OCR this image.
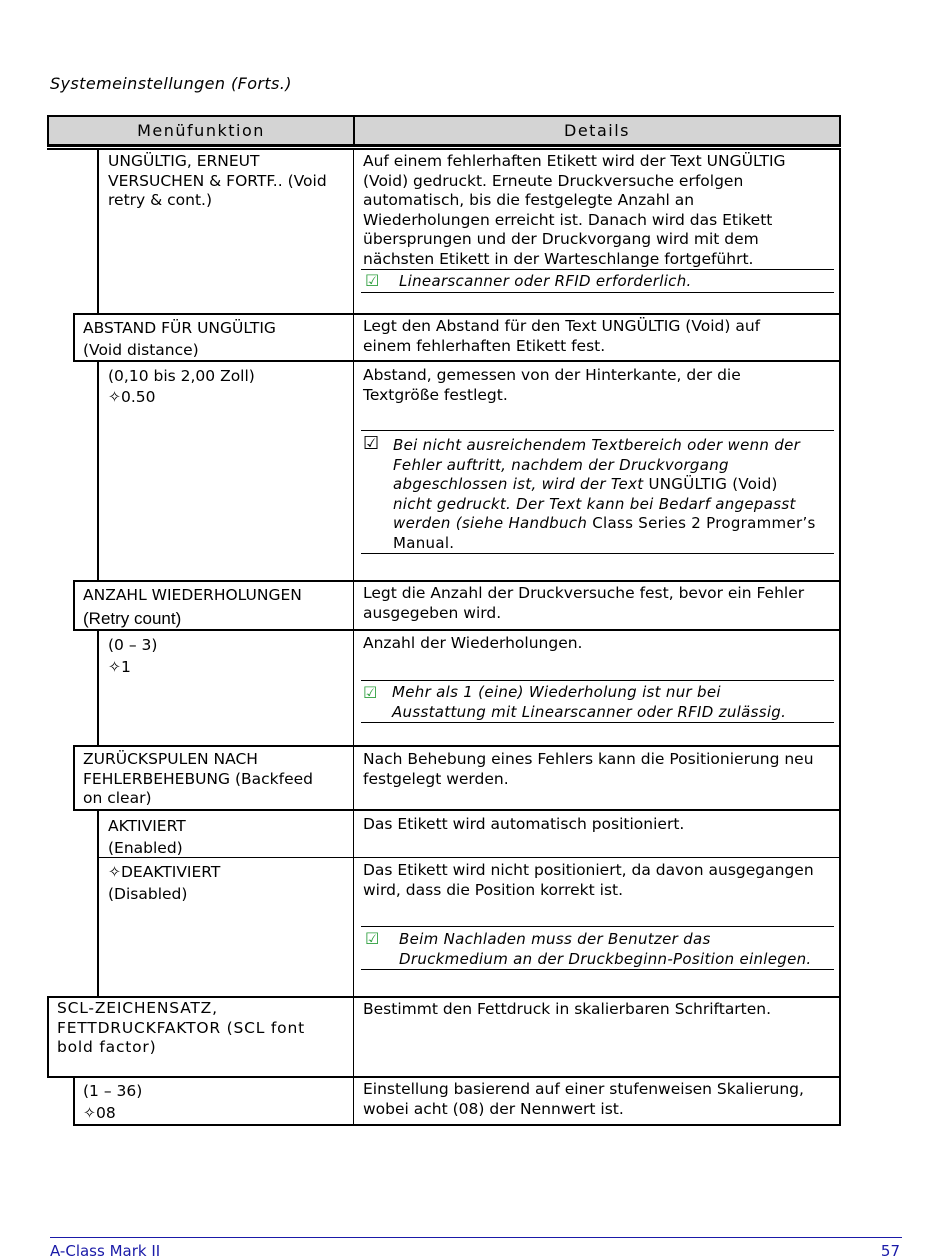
Systemeinstellungen (Forts.)
Menüfunktion	Details
UNGÜLTIG, ERNEUT
VERSUCHEN & FORTF.. (Void
retry & cont.)
Auf einem fehlerhaften Etikett wird der Text UNGÜLTIG
(Void) gedruckt. Erneute Druckversuche erfolgen
automatisch, bis die festgelegte Anzahl an
Wiederholungen erreicht ist. Danach wird das Etikett
übersprungen und der Druckvorgang wird mit dem
nächsten Etikett in der Warteschlange fortgeführt.
☑ Linearscanner oder RFID erforderlich.
ABSTAND FÜR UNGÜLTIG
(Void distance)
Legt den Abstand für den Text UNGÜLTIG (Void) auf
einem fehlerhaften Etikett fest.
(0,10 bis 2,00 Zoll)
✧0.50
Abstand, gemessen von der Hinterkante, der die
Textgröße festlegt.
☑ Bei nicht ausreichendem Textbereich oder wenn der
Fehler auftritt, nachdem der Druckvorgang
abgeschlossen ist, wird der Text UNGÜLTIG (Void)
nicht gedruckt. Der Text kann bei Bedarf angepasst
werden (siehe Handbuch Class Series 2 Programmer’s
Manual.
ANZAHL WIEDERHOLUNGEN
(Retry count)
Legt die Anzahl der Druckversuche fest, bevor ein Fehler
ausgegeben wird.
(0 – 3)
✧1
Anzahl der Wiederholungen.
☑ Mehr als 1 (eine) Wiederholung ist nur bei
Ausstattung mit Linearscanner oder RFID zulässig.
ZURÜCKSPULEN NACH
FEHLERBEHEBUNG (Backfeed
on clear)
Nach Behebung eines Fehlers kann die Positionierung neu
festgelegt werden.
AKTIVIERT
(Enabled)
Das Etikett wird automatisch positioniert.
✧DEAKTIVIERT
(Disabled)
Das Etikett wird nicht positioniert, da davon ausgegangen
wird, dass die Position korrekt ist.
☑ Beim Nachladen muss der Benutzer das
Druckmedium an der Druckbeginn-Position einlegen.
SCL-ZEICHENSATZ,
FETTDRUCKFAKTOR (SCL font
bold factor)
Bestimmt den Fettdruck in skalierbaren Schriftarten.
(1 – 36)
✧08
Einstellung basierend auf einer stufenweisen Skalierung,
wobei acht (08) der Nennwert ist.
A-Class Mark II	57
